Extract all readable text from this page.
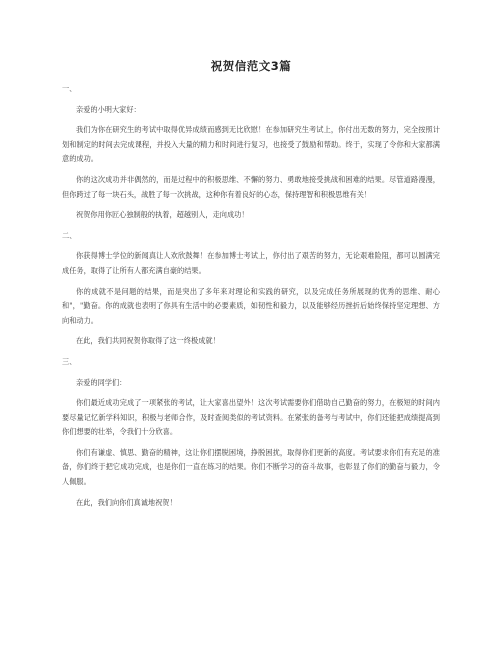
祝贺信范文3篇
一、
亲爱的小明大家好：

我们为你在研究生的考试中取得优异成绩而感到无比欣慰！在参加研究生考试上，你付出无数的努力，完全按照计划和制定的时间去完成课程，并投入大量的精力和时间进行复习，也接受了鼓励和帮助。终于，实现了令你和大家都满意的成功。

你的这次成功并非偶然的，而是过程中的积极思维、不懈的努力、勇敢地接受挑战和困难的结果。尽管道路漫漫，但你跨过了每一块石头，战胜了每一次挑战，这种你有着良好的心态，保持理智和积极思维有关！

祝贺你用你匠心独制般的执着，超越别人，走向成功！

二、

你获得博士学位的新闻真让人欢欣鼓舞！在参加博士考试上，你付出了艰苦的努力，无论艰难险阻，都可以圆满完成任务，取得了让所有人都充满自豪的结果。

你的成就不是问题的结果，而是突出了多年来对理论和实践的研究，以及完成任务所展现的优秀的思维、耐心和"，"勤奋。你的成就也表明了你具有生活中的必要素质，如韧性和毅力，以及能够经历挫折后始终保持坚定理想、方向和动力。

在此，我们共同祝贺你取得了这一终极成就！

三、
亲爱的同学们：

你们最近成功完成了一项紧张的考试，让大家喜出望外！这次考试需要你们借助自己勤奋的努力，在极短的时间内要尽量记忆新学科知识，积极与老师合作，及时查阅类似的考试资料。在紧张的备考与考试中，你们还能把成绩提高到你们想要的壮举，令我们十分欣喜。

你们有谦虚、慎思、勤奋的精神，这让你们摆脱困境，挣脱困扰，取得你们更新的高度。考试要求你们有充足的准备，你们终于把它成功完成，也是你们一直在练习的结果。你们不断学习的奋斗故事，也彰显了你们的勤奋与毅力，令人佩服。

在此，我们向你们真诚地祝贺！
